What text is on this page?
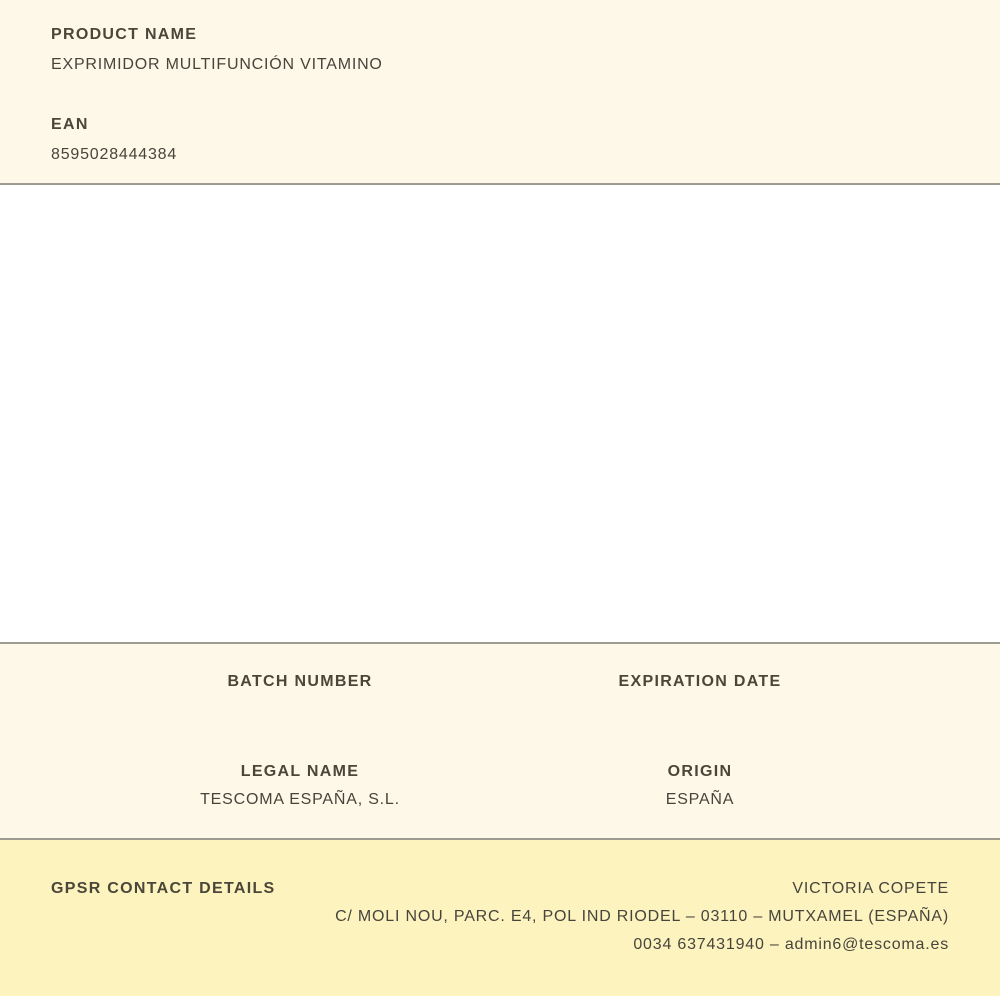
PRODUCT NAME
EXPRIMIDOR MULTIFUNCIÓN VITAMINO
EAN
8595028444384
BATCH NUMBER	EXPIRATION DATE
LEGAL NAME
TESCOMA ESPAÑA, S.L.
ORIGIN
ESPAÑA
GPSR CONTACT DETAILS	VICTORIA COPETE
C/ MOLI NOU, PARC. E4, POL IND RIODEL – 03110 – MUTXAMEL (ESPAÑA)
0034 637431940 – admin6@tescoma.es
